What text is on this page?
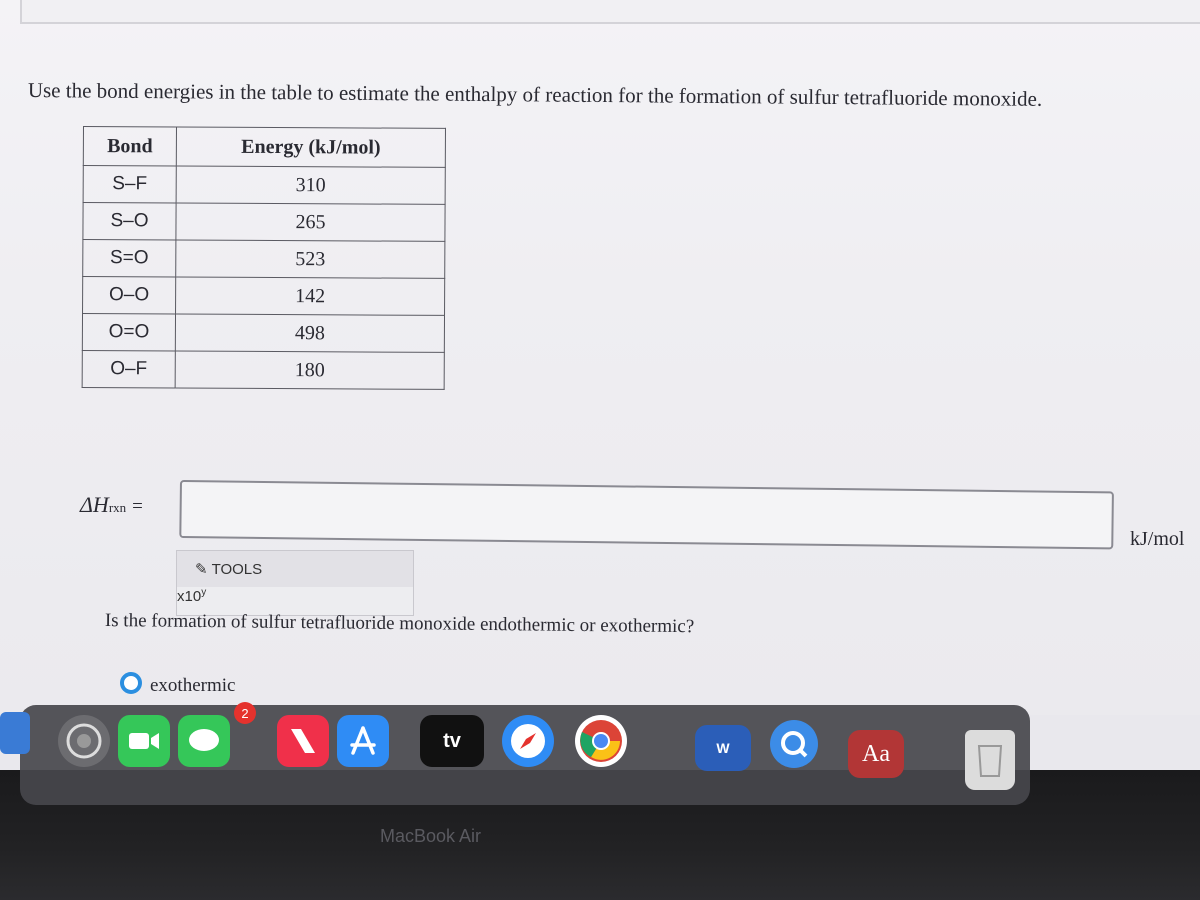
Use the bond energies in the table to estimate the enthalpy of reaction for the formation of sulfur tetrafluoride monoxide.
Bond	Energy (kJ/mol)
S–F	310
S–O	265
S=O	523
O–O	142
O=O	498
O–F	180
ΔHrxn =
kJ/mol
✎ TOOLS
x10$^y$
Is the formation of sulfur tetrafluoride monoxide endothermic or exothermic?
exothermic
MacBook Air
2
tv	W	Aa
